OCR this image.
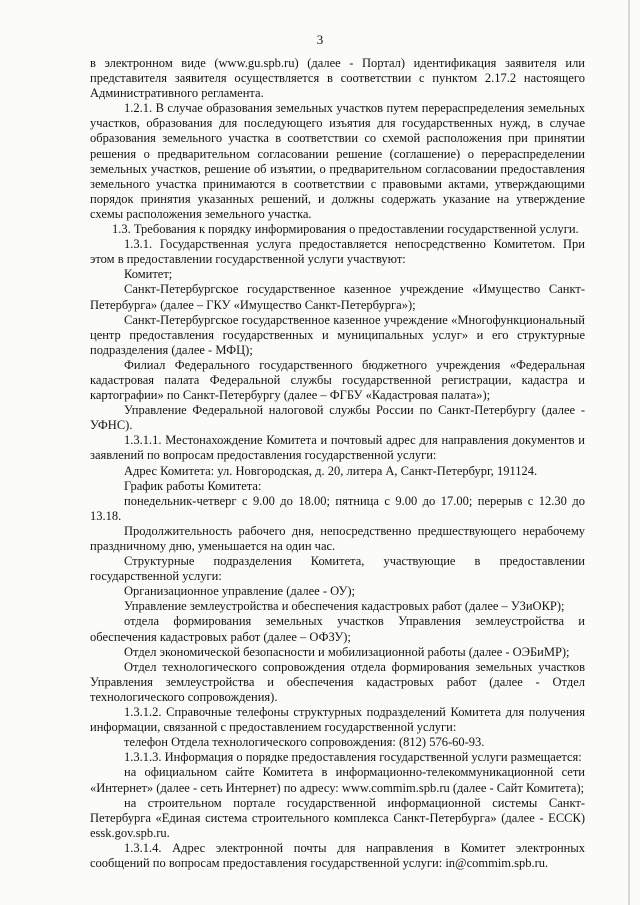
3

в электронном виде (www.gu.spb.ru) (далее - Портал) идентификация заявителя или представителя заявителя осуществляется в соответствии с пунктом 2.17.2 настоящего Административного регламента.

1.2.1. В случае образования земельных участков путем перераспределения земельных участков, образования для последующего изъятия для государственных нужд, в случае образования земельного участка в соответствии со схемой расположения при принятии решения о предварительном согласовании решение (соглашение) о перераспределении земельных участков, решение об изъятии, о предварительном согласовании предоставления земельного участка принимаются в соответствии с правовыми актами, утверждающими порядок принятия указанных решений, и должны содержать указание на утверждение схемы расположения земельного участка.

1.3. Требования к порядку информирования о предоставлении государственной услуги.

1.3.1. Государственная услуга предоставляется непосредственно Комитетом. При этом в предоставлении государственной услуги участвуют:

Комитет;

Санкт-Петербургское государственное казенное учреждение «Имущество Санкт-Петербурга» (далее – ГКУ «Имущество Санкт-Петербурга»);

Санкт-Петербургское государственное казенное учреждение «Многофункциональный центр предоставления государственных и муниципальных услуг» и его структурные подразделения (далее - МФЦ);

Филиал Федерального государственного бюджетного учреждения «Федеральная кадастровая палата Федеральной службы государственной регистрации, кадастра и картографии» по Санкт-Петербургу (далее – ФГБУ «Кадастровая палата»);

Управление Федеральной налоговой службы России по Санкт-Петербургу (далее - УФНС).

1.3.1.1. Местонахождение Комитета и почтовый адрес для направления документов и заявлений по вопросам предоставления государственной услуги:

Адрес Комитета: ул. Новгородская, д. 20, литера А, Санкт-Петербург, 191124.

График работы Комитета:

понедельник-четверг с 9.00 до 18.00; пятница с 9.00 до 17.00; перерыв с 12.30 до 13.18.

Продолжительность рабочего дня, непосредственно предшествующего нерабочему праздничному дню, уменьшается на один час.

Структурные подразделения Комитета, участвующие в предоставлении государственной услуги:

Организационное управление (далее - ОУ);

Управление землеустройства и обеспечения кадастровых работ (далее – УЗиОКР);

отдела формирования земельных участков Управления землеустройства и обеспечения кадастровых работ (далее – ОФЗУ);

Отдел экономической безопасности и мобилизационной работы (далее - ОЭБиМР);

Отдел технологического сопровождения отдела формирования земельных участков Управления землеустройства и обеспечения кадастровых работ (далее - Отдел технологического сопровождения).

1.3.1.2. Справочные телефоны структурных подразделений Комитета для получения информации, связанной с предоставлением государственной услуги:

телефон Отдела технологического сопровождения: (812) 576-60-93.

1.3.1.3. Информация о порядке предоставления государственной услуги размещается:

на официальном сайте Комитета в информационно-телекоммуникационной сети «Интернет» (далее - сеть Интернет) по адресу: www.commim.spb.ru (далее - Сайт Комитета);

на строительном портале государственной информационной системы Санкт-Петербурга «Единая система строительного комплекса Санкт-Петербурга» (далее - ЕССК) essk.gov.spb.ru.

1.3.1.4. Адрес электронной почты для направления в Комитет электронных сообщений по вопросам предоставления государственной услуги: in@commim.spb.ru.
